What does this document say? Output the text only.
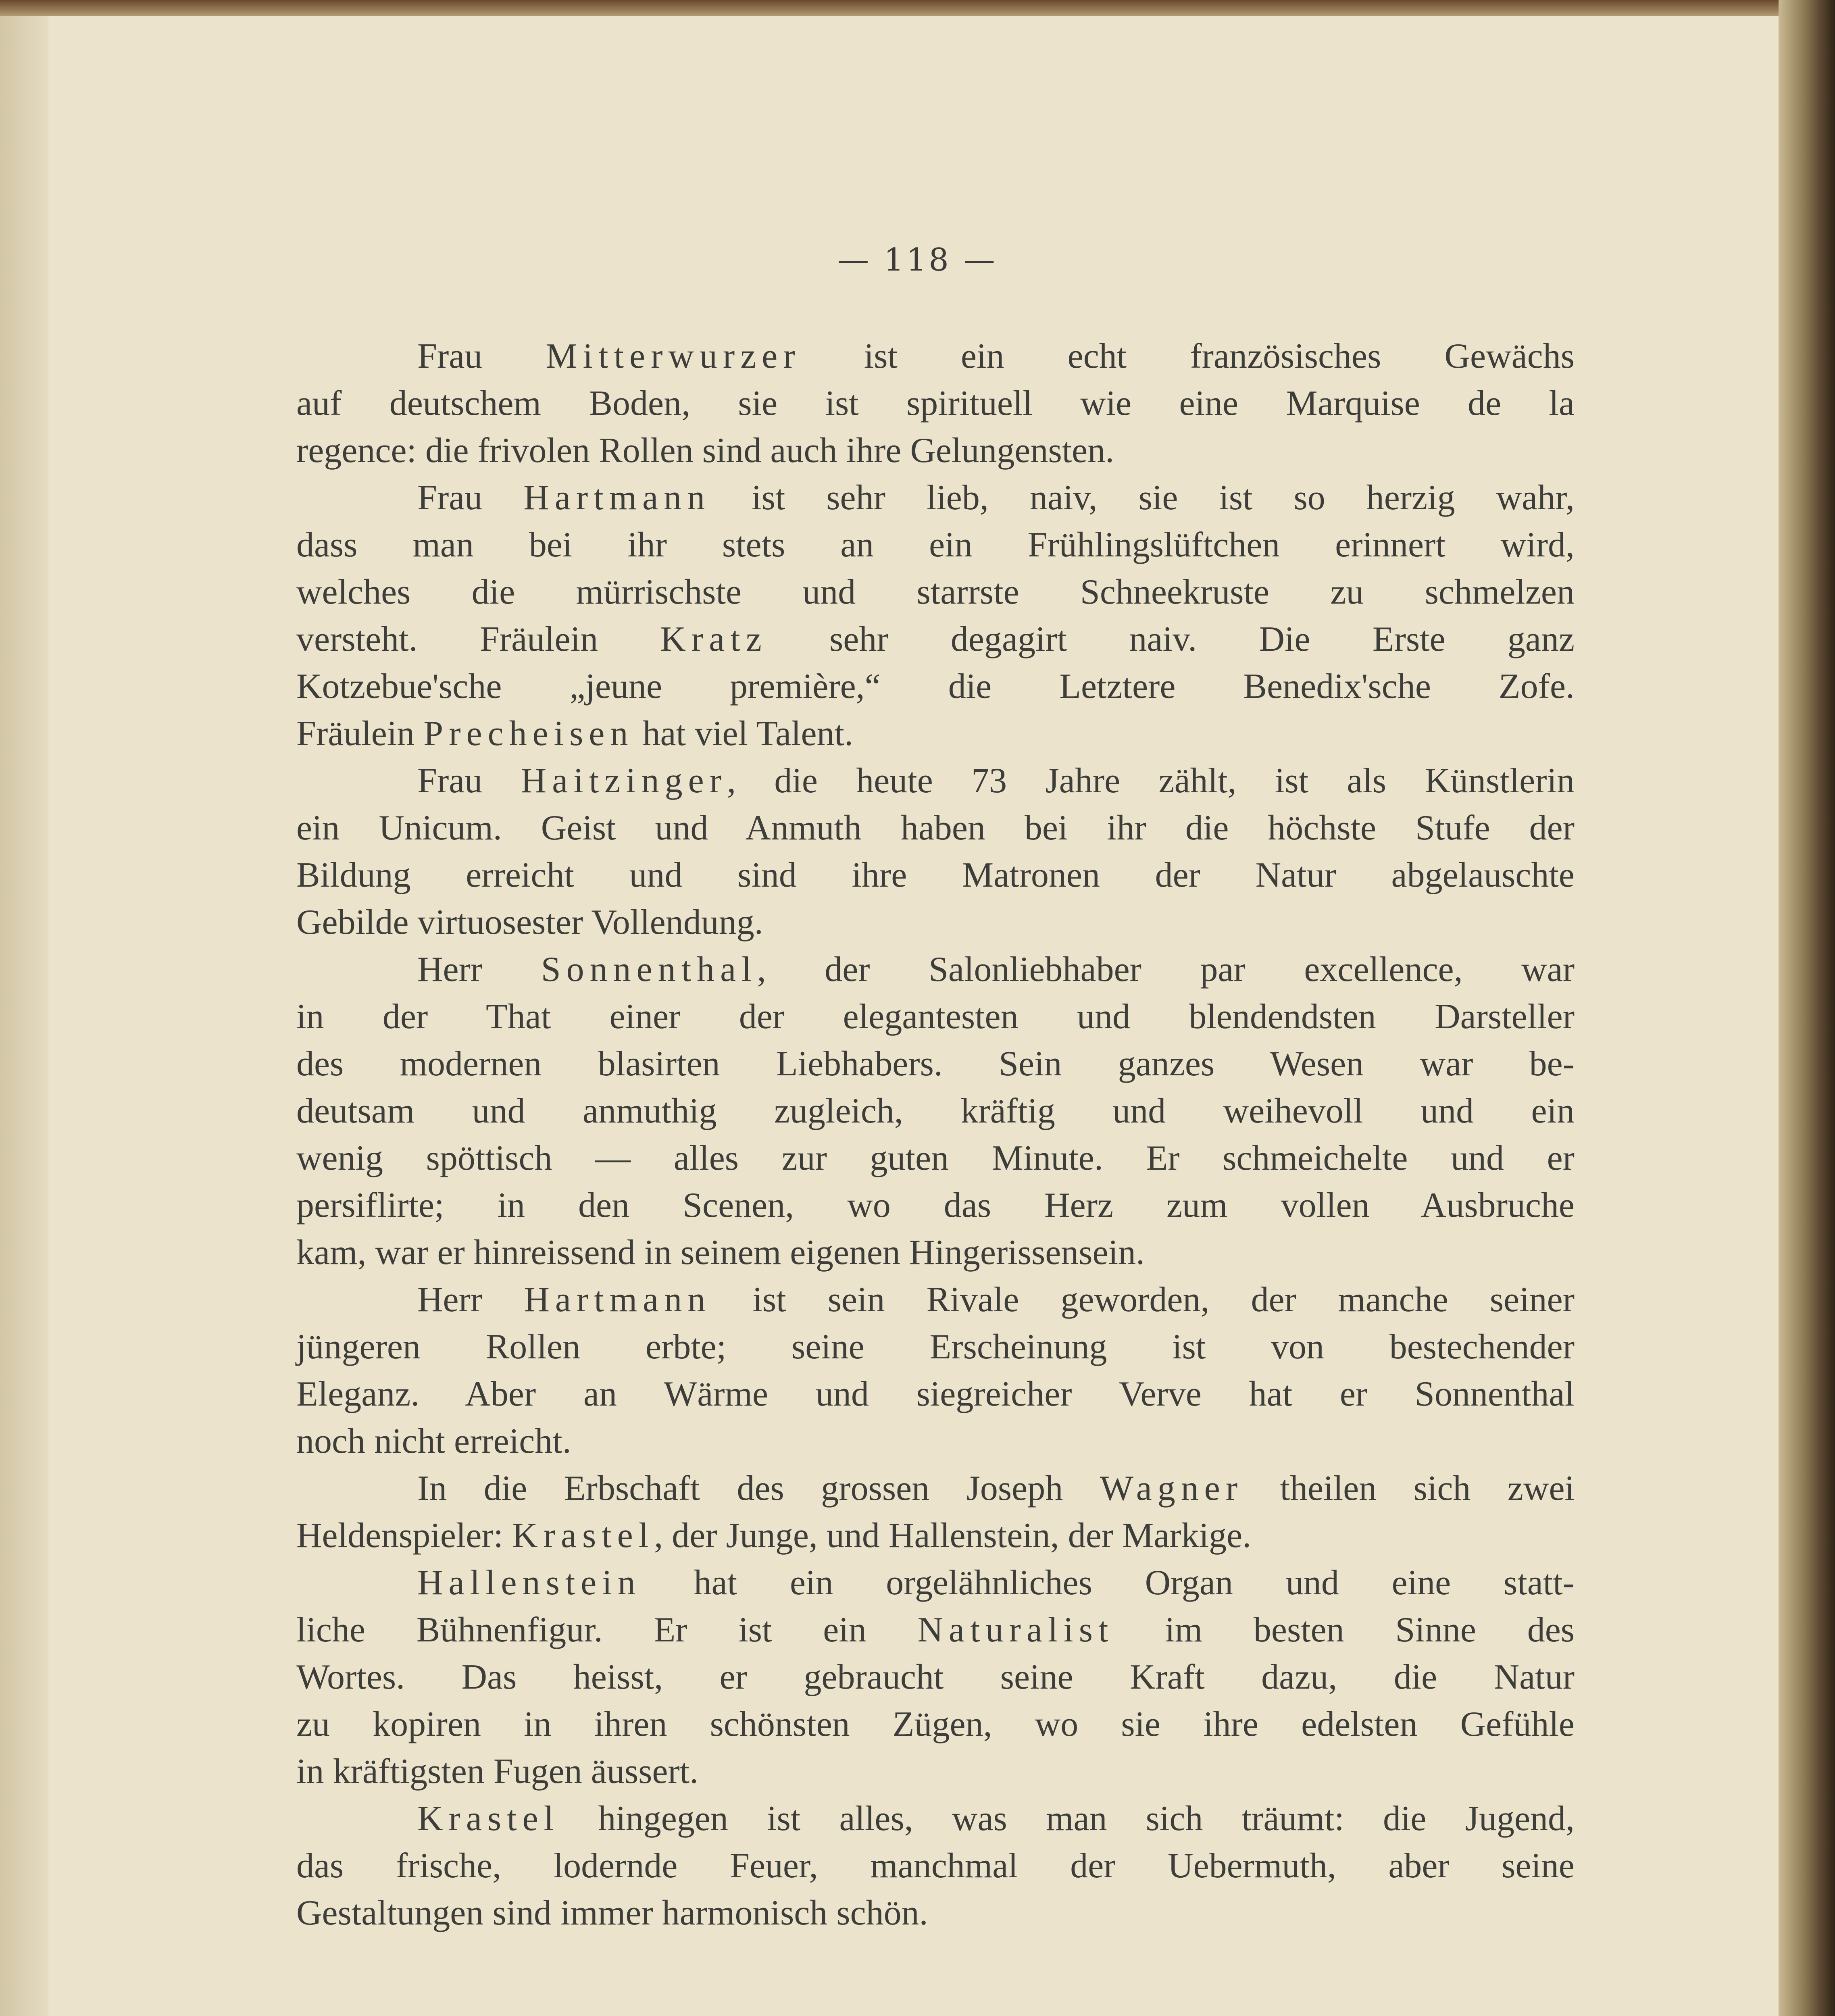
— 118 —
Frau Mitterwurzer ist ein echt französisches Gewächs
auf deutschem Boden, sie ist spirituell wie eine Marquise de la
regence: die frivolen Rollen sind auch ihre Gelungensten.
Frau Hartmann ist sehr lieb, naiv, sie ist so herzig wahr,
dass man bei ihr stets an ein Frühlingslüftchen erinnert wird,
welches die mürrischste und starrste Schneekruste zu schmelzen
versteht. Fräulein Kratz sehr degagirt naiv. Die Erste ganz
Kotzebue'sche „jeune première,“ die Letztere Benedix'sche Zofe.
Fräulein Precheisen hat viel Talent.
Frau Haitzinger, die heute 73 Jahre zählt, ist als Künstlerin
ein Unicum. Geist und Anmuth haben bei ihr die höchste Stufe der
Bildung erreicht und sind ihre Matronen der Natur abgelauschte
Gebilde virtuosester Vollendung.
Herr Sonnenthal, der Salonliebhaber par excellence, war
in der That einer der elegantesten und blendendsten Darsteller
des modernen blasirten Liebhabers. Sein ganzes Wesen war be-
deutsam und anmuthig zugleich, kräftig und weihevoll und ein
wenig spöttisch — alles zur guten Minute. Er schmeichelte und er
persiflirte; in den Scenen, wo das Herz zum vollen Ausbruche
kam, war er hinreissend in seinem eigenen Hingerissensein.
Herr Hartmann ist sein Rivale geworden, der manche seiner
jüngeren Rollen erbte; seine Erscheinung ist von bestechender
Eleganz. Aber an Wärme und siegreicher Verve hat er Sonnenthal
noch nicht erreicht.
In die Erbschaft des grossen Joseph Wagner theilen sich zwei
Heldenspieler: Krastel, der Junge, und Hallenstein, der Markige.
Hallenstein hat ein orgelähnliches Organ und eine statt-
liche Bühnenfigur. Er ist ein Naturalist im besten Sinne des
Wortes. Das heisst, er gebraucht seine Kraft dazu, die Natur
zu kopiren in ihren schönsten Zügen, wo sie ihre edelsten Gefühle
in kräftigsten Fugen äussert.
Krastel hingegen ist alles, was man sich träumt: die Jugend,
das frische, lodernde Feuer, manchmal der Uebermuth, aber seine
Gestaltungen sind immer harmonisch schön.
